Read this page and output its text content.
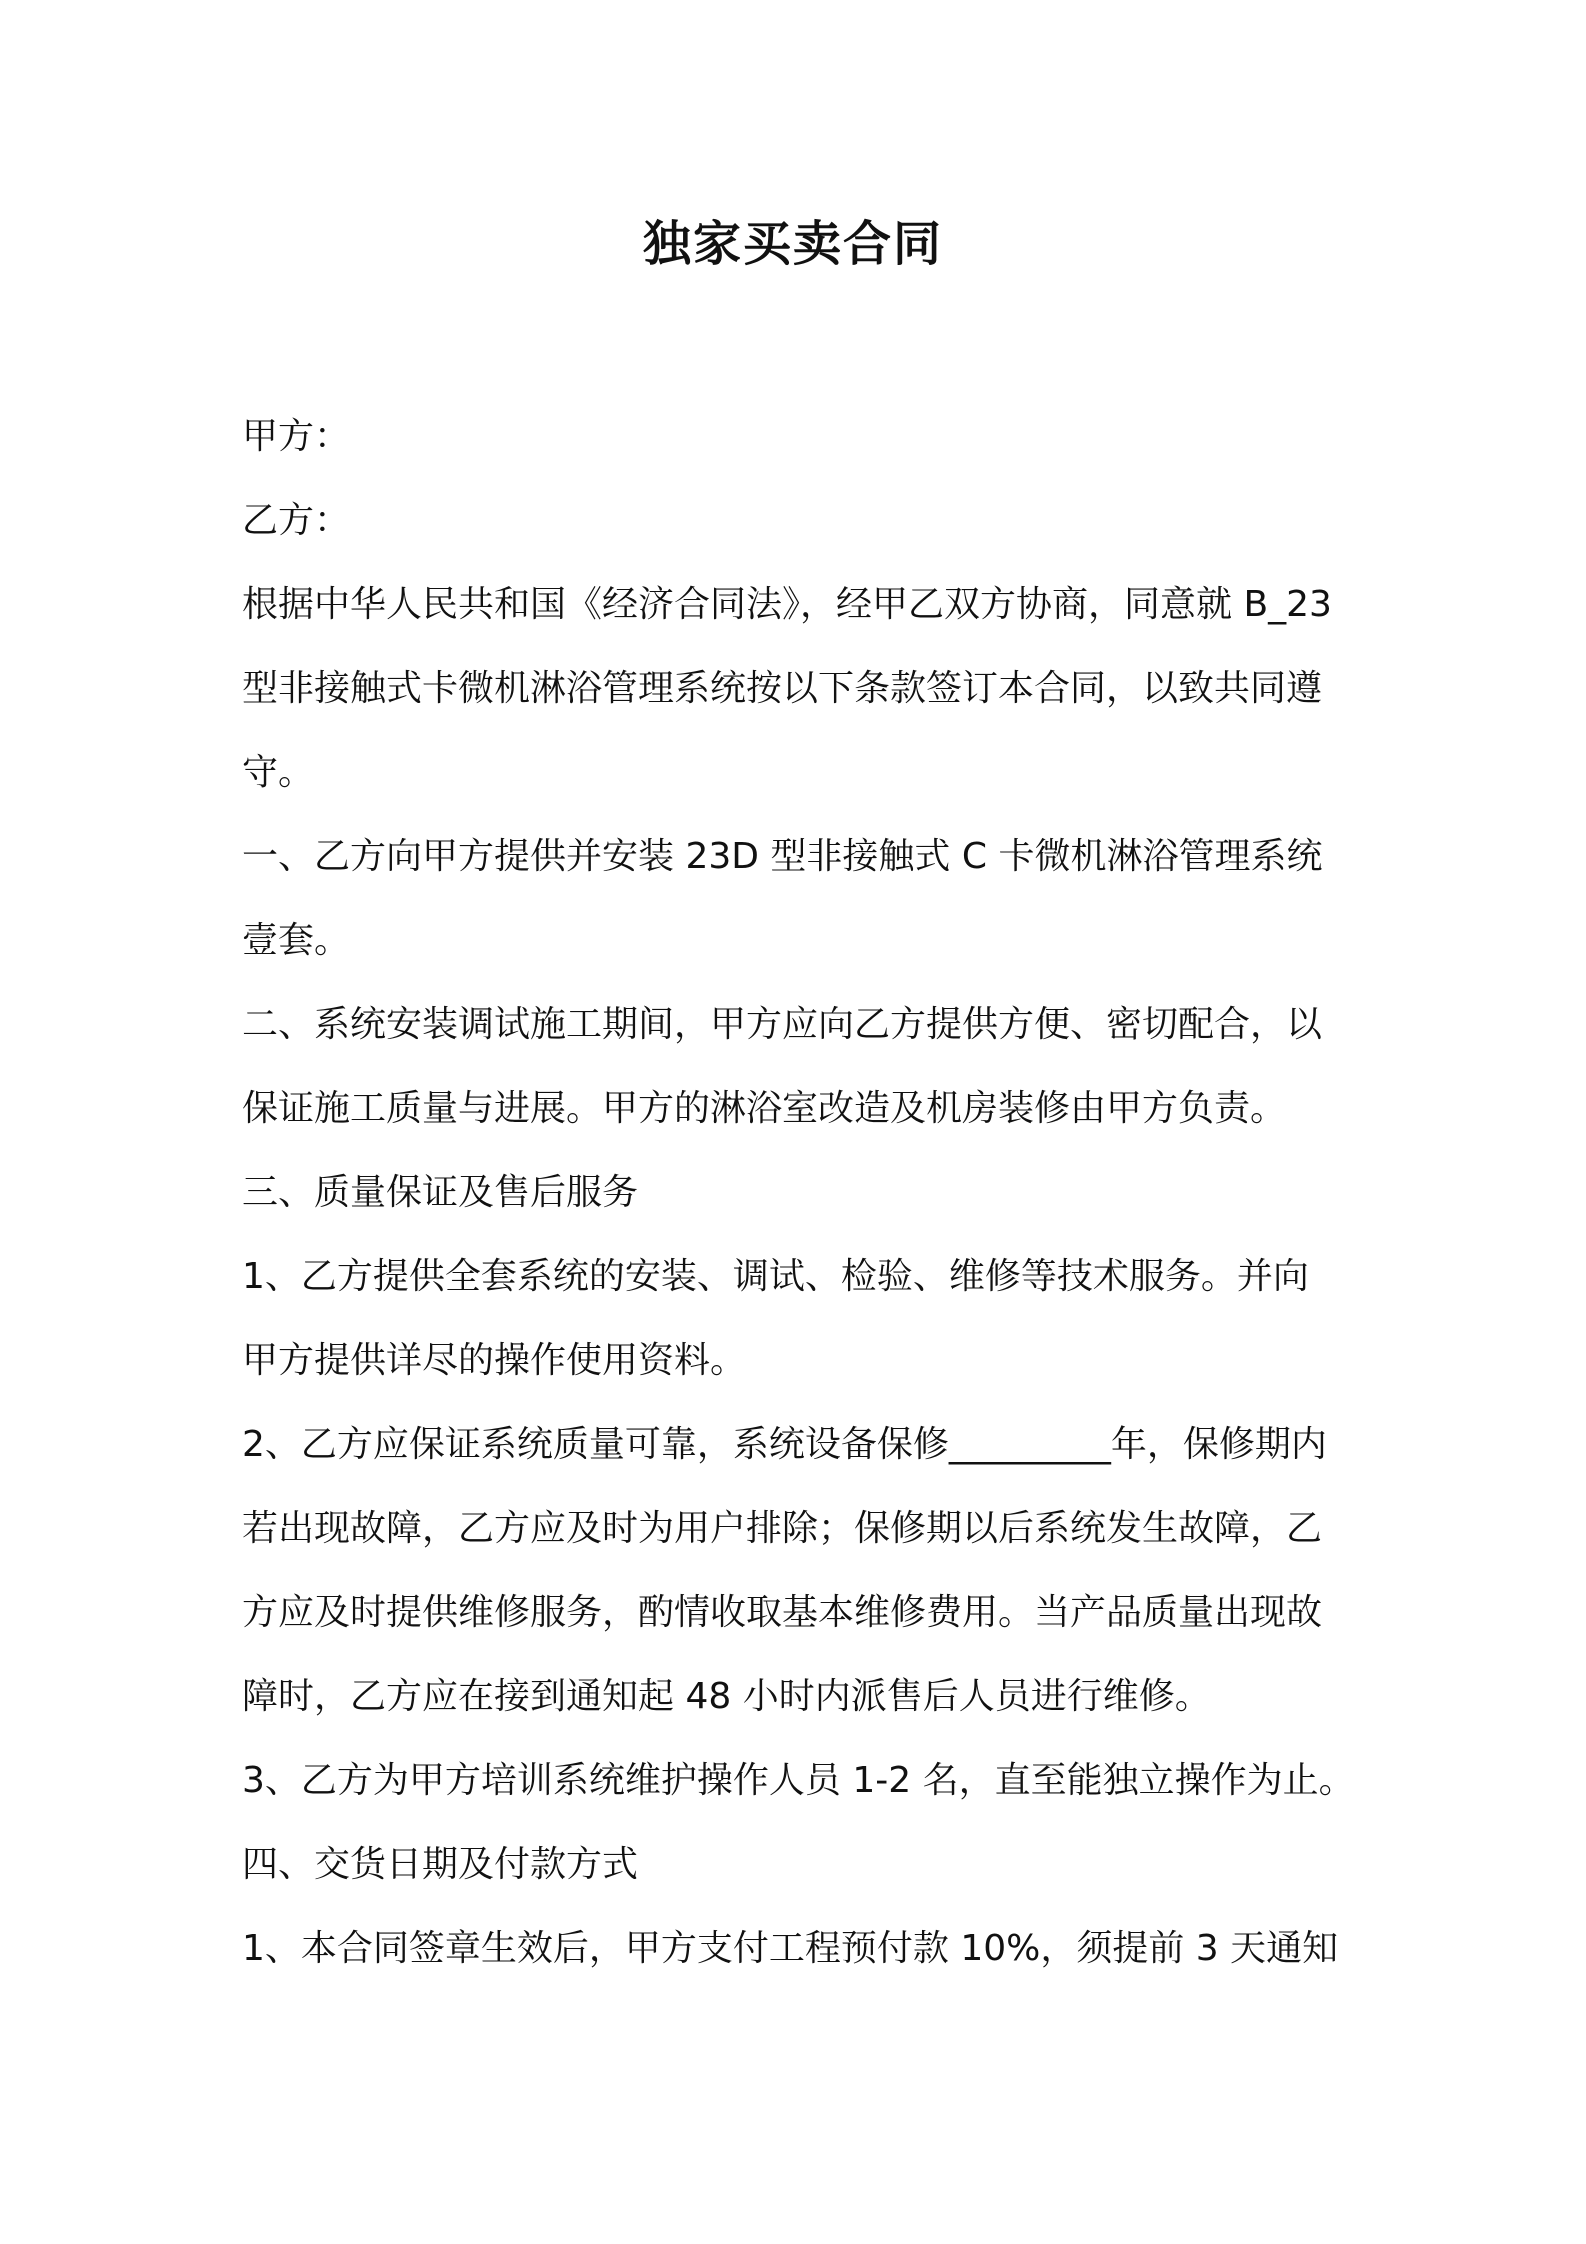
独家买卖合同
甲方：
乙方：
根据中华人民共和国《经济合同法》，经甲乙双方协商，同意就 B_23
型非接触式卡微机淋浴管理系统按以下条款签订本合同，以致共同遵
守。
一、乙方向甲方提供并安装 23D 型非接触式 C 卡微机淋浴管理系统
壹套。
二、系统安装调试施工期间，甲方应向乙方提供方便、密切配合，以
保证施工质量与进展。甲方的淋浴室改造及机房装修由甲方负责。
三、质量保证及售后服务
1、乙方提供全套系统的安装、调试、检验、维修等技术服务。并向
甲方提供详尽的操作使用资料。
2、乙方应保证系统质量可靠，系统设备保修_________年，保修期内
若出现故障，乙方应及时为用户排除；保修期以后系统发生故障，乙
方应及时提供维修服务，酌情收取基本维修费用。当产品质量出现故
障时，乙方应在接到通知起 48 小时内派售后人员进行维修。
3、乙方为甲方培训系统维护操作人员 1-2 名，直至能独立操作为止。
四、交货日期及付款方式
1、本合同签章生效后，甲方支付工程预付款 10%，须提前 3 天通知
